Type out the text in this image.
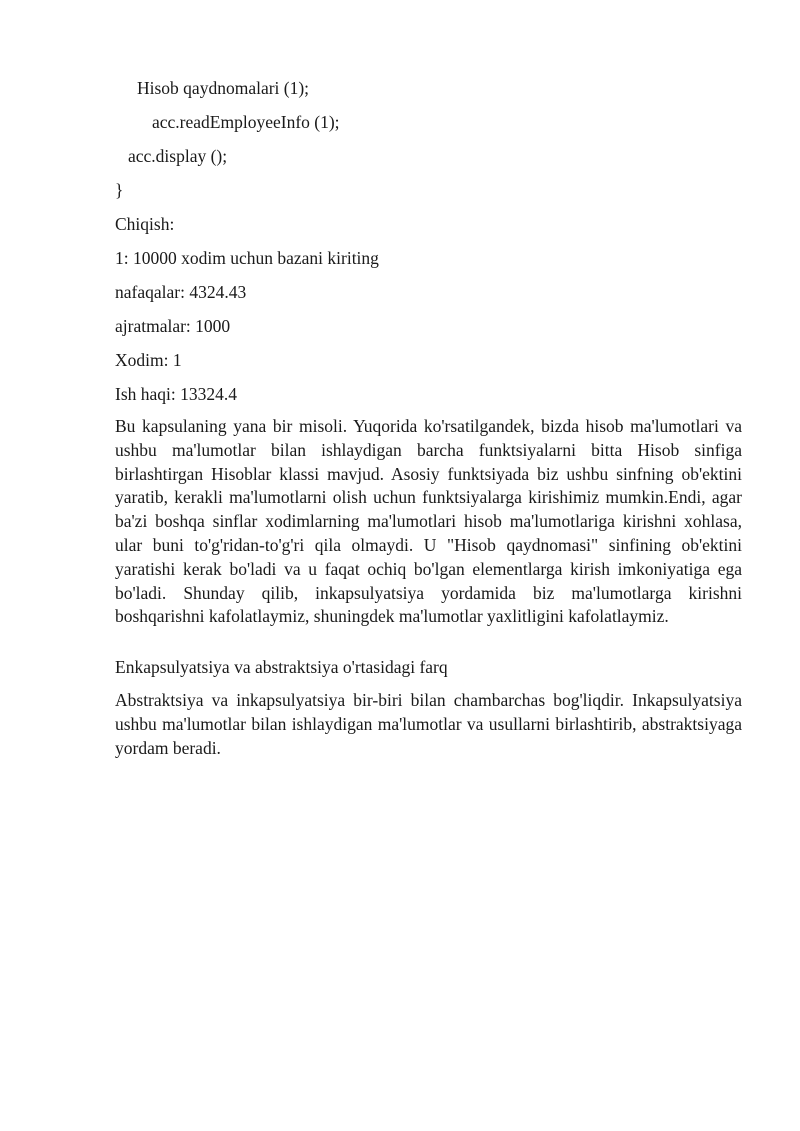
Hisob qaydnomalari (1);
acc.readEmployeeInfo (1);
acc.display ();
}
Chiqish:
1: 10000 xodim uchun bazani kiriting
nafaqalar: 4324.43
ajratmalar: 1000
Xodim: 1
Ish haqi: 13324.4
Bu kapsulaning yana bir misoli. Yuqorida ko'rsatilgandek, bizda hisob ma'lumotlari va ushbu ma'lumotlar bilan ishlaydigan barcha funktsiyalarni bitta Hisob sinfiga birlashtirgan Hisoblar klassi mavjud. Asosiy funktsiyada biz ushbu sinfning ob'ektini yaratib, kerakli ma'lumotlarni olish uchun funktsiyalarga kirishimiz mumkin.Endi, agar ba'zi boshqa sinflar xodimlarning ma'lumotlari hisob ma'lumotlariga kirishni xohlasa, ular buni to'g'ridan-to'g'ri qila olmaydi. U "Hisob qaydnomasi" sinfining ob'ektini yaratishi kerak bo'ladi va u faqat ochiq bo'lgan elementlarga kirish imkoniyatiga ega bo'ladi. Shunday qilib, inkapsulyatsiya yordamida biz ma'lumotlarga kirishni boshqarishni kafolatlaymiz, shuningdek ma'lumotlar yaxlitligini kafolatlaymiz.
Enkapsulyatsiya va abstraktsiya o'rtasidagi farq
Abstraktsiya va inkapsulyatsiya bir-biri bilan chambarchas bog'liqdir. Inkapsulyatsiya ushbu ma'lumotlar bilan ishlaydigan ma'lumotlar va usullarni birlashtirib, abstraktsiyaga yordam beradi.
